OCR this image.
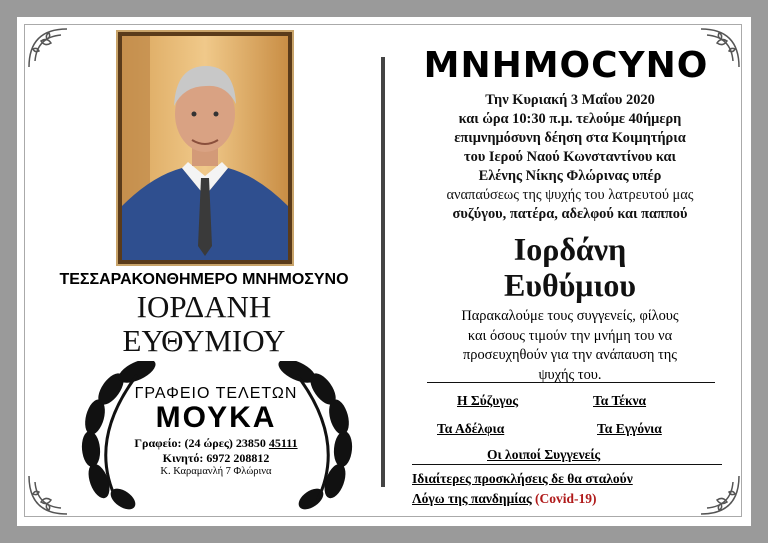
ΤΕΣΣΑΡΑΚΟΝΘΗΜΕΡΟ ΜΝΗΜΟΣΥΝΟ

ΙΟΡΔΑΝΗ

ΕΥΘΥΜΙΟΥ

ΓΡΑΦΕΙΟ ΤΕΛΕΤΩΝ

ΜΟΥΚΑ

Γραφείο: (24 ώρες) 23850 45111

Κινητό: 6972 208812

Κ. Καραμανλή 7 Φλώρινα

ΜΝΗΜΟCΥΝΟ

Την Κυριακή 3 Μαΐου 2020
και ώρα 10:30 π.μ. τελούμε 40ήμερη
επιμνημόσυνη δέηση στα Κοιμητήρια
του Ιερού Ναού Κωνσταντίνου και
Ελένης Νίκης Φλώρινας υπέρ
αναπαύσεως της ψυχής του λατρευτού μας
συζύγου, πατέρα, αδελφού και παππού

Ιορδάνη

Ευθύμιου

Παρακαλούμε τους συγγενείς, φίλους
και όσους τιμούν την μνήμη του να
προσευχηθούν για την ανάπαυση της
ψυχής του.

Η Σύζυγος	Τα Τέκνα

Τα Αδέλφια	Τα Εγγόνια

Οι λοιποί Συγγενείς

Ιδιαίτερες προσκλήσεις δε θα σταλούν

Λόγω της πανδημίας (Covid-19)
